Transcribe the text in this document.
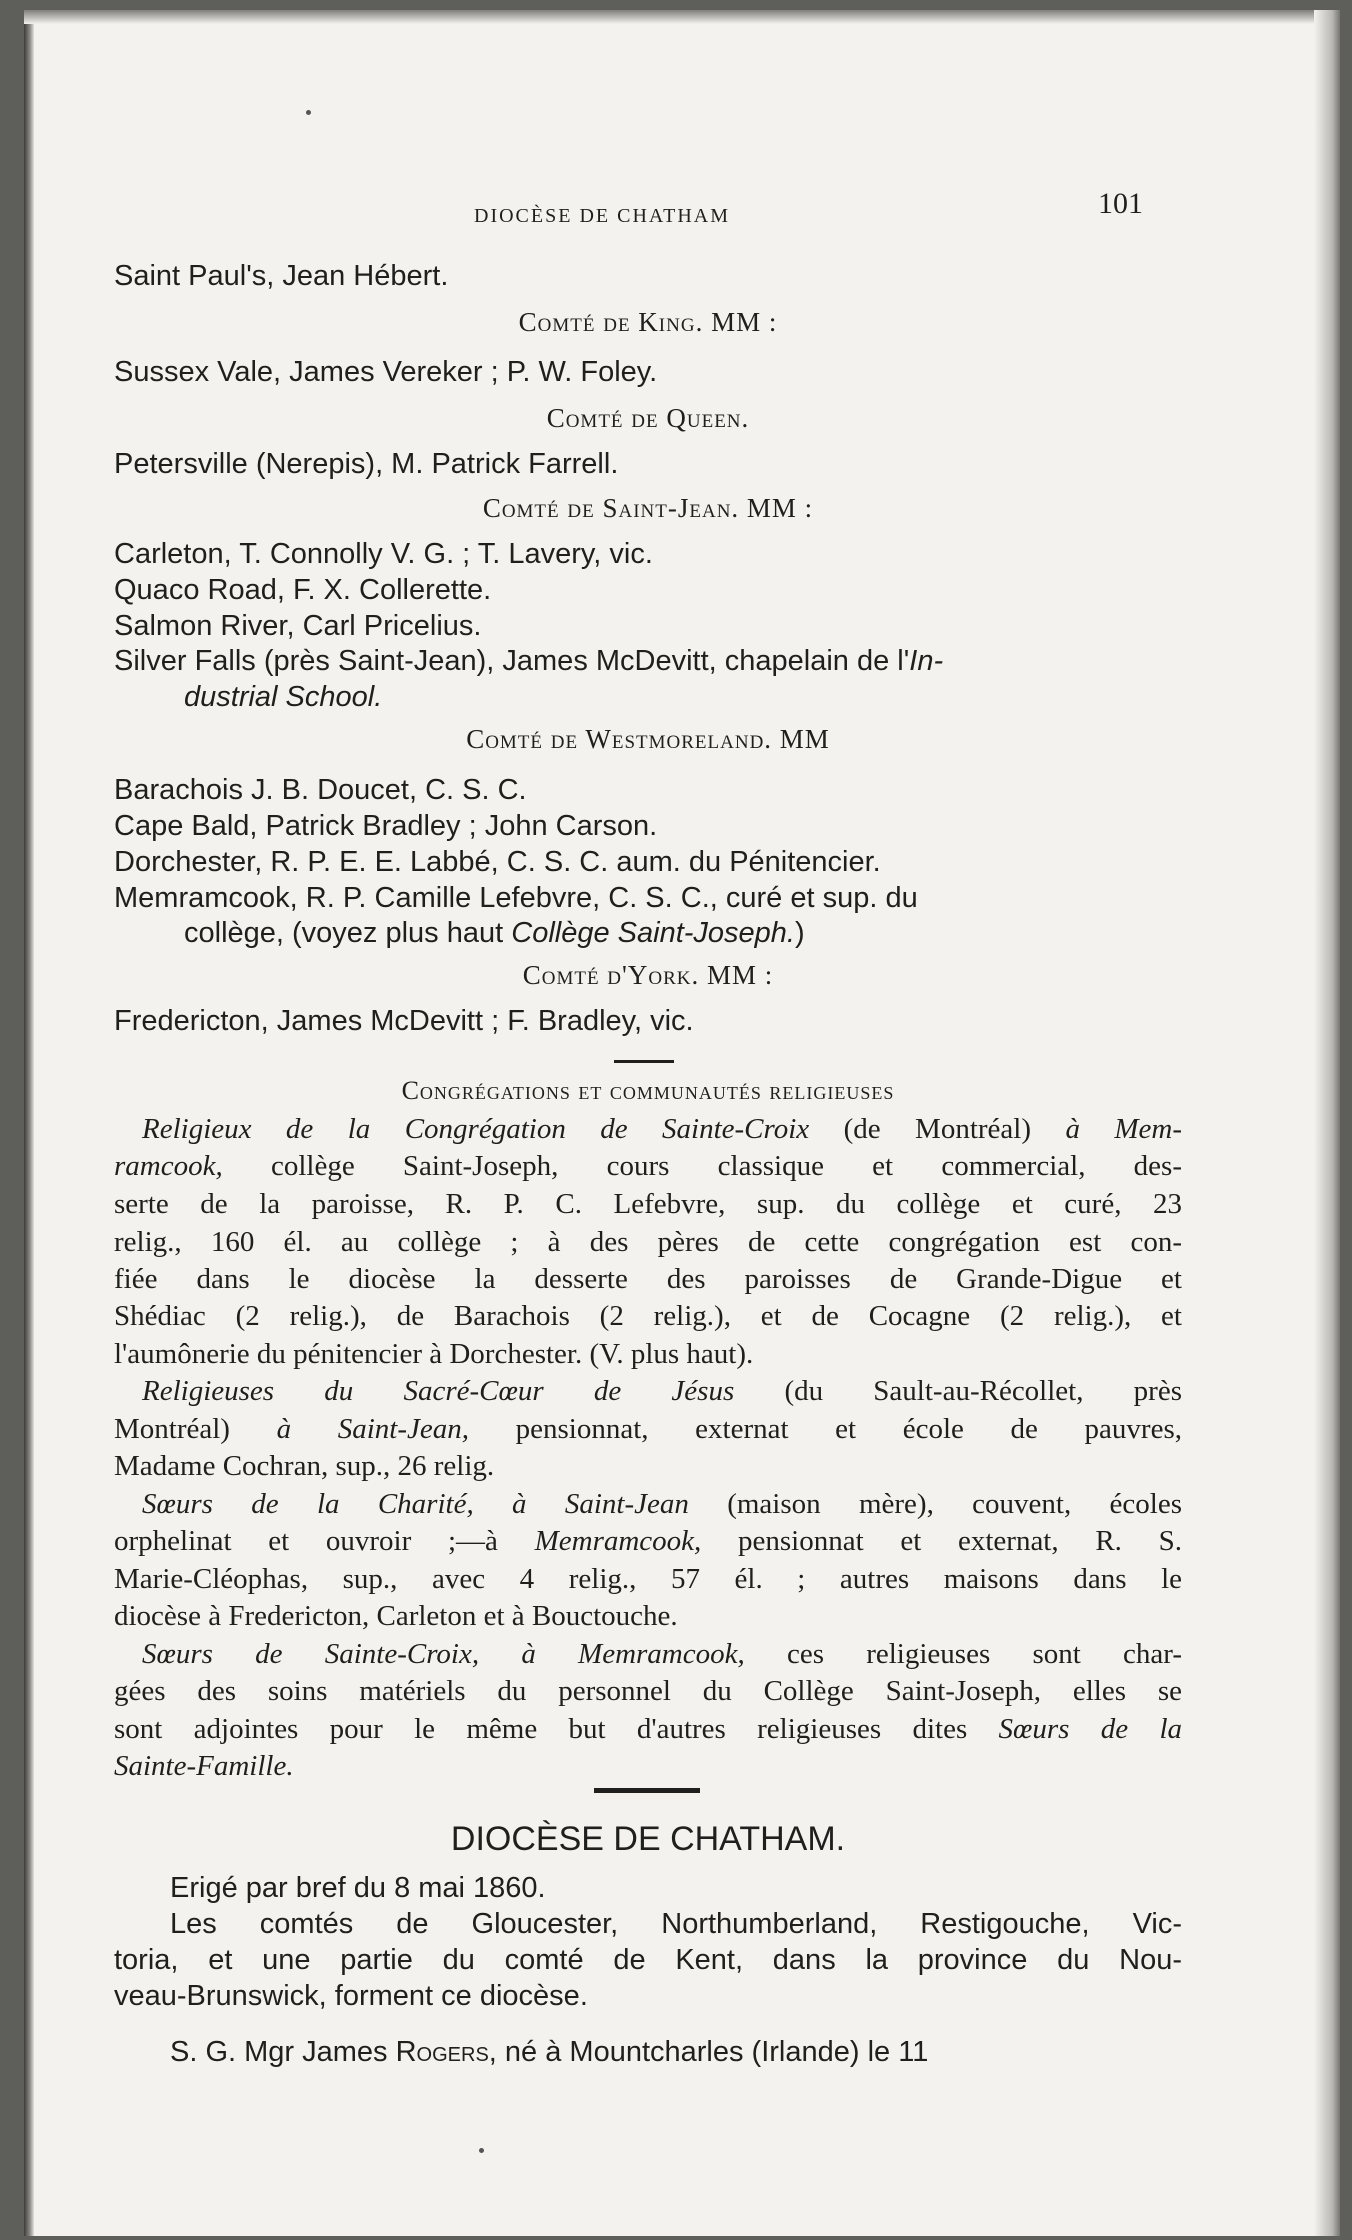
DIOCÈSE DE CHATHAM	101
Saint Paul's, Jean Hébert.
Comté de King. MM :
Sussex Vale, James Vereker ; P. W. Foley.
Comté de Queen.
Petersville (Nerepis), M. Patrick Farrell.
Comté de Saint-Jean. MM :
Carleton, T. Connolly V. G. ; T. Lavery, vic.
Quaco Road, F. X. Collerette.
Salmon River, Carl Pricelius.
Silver Falls (près Saint-Jean), James McDevitt, chapelain de l'In-
dustrial School.
Comté de Westmoreland. MM
Barachois J. B. Doucet, C. S. C.
Cape Bald, Patrick Bradley ; John Carson.
Dorchester, R. P. E. E. Labbé, C. S. C. aum. du Pénitencier.
Memramcook, R. P. Camille Lefebvre, C. S. C., curé et sup. du
collège, (voyez plus haut Collège Saint-Joseph.)
Comté d'York. MM :
Fredericton, James McDevitt ; F. Bradley, vic.
Congrégations et communautés religieuses
Religieux de la Congrégation de Sainte-Croix (de Montréal) à Mem-
ramcook, collège Saint-Joseph, cours classique et commercial, des-
serte de la paroisse, R. P. C. Lefebvre, sup. du collège et curé, 23
relig., 160 él. au collège ; à des pères de cette congrégation est con-
fiée dans le diocèse la desserte des paroisses de Grande-Digue et
Shédiac (2 relig.), de Barachois (2 relig.), et de Cocagne (2 relig.), et
l'aumônerie du pénitencier à Dorchester. (V. plus haut).
Religieuses du Sacré-Cœur de Jésus (du Sault-au-Récollet, près
Montréal) à Saint-Jean, pensionnat, externat et école de pauvres,
Madame Cochran, sup., 26 relig.
Sœurs de la Charité, à Saint-Jean (maison mère), couvent, écoles
orphelinat et ouvroir ;—à Memramcook, pensionnat et externat, R. S.
Marie-Cléophas, sup., avec 4 relig., 57 él. ; autres maisons dans le
diocèse à Fredericton, Carleton et à Bouctouche.
Sœurs de Sainte-Croix, à Memramcook, ces religieuses sont char-
gées des soins matériels du personnel du Collège Saint-Joseph, elles se
sont adjointes pour le même but d'autres religieuses dites Sœurs de la
Sainte-Famille.
DIOCÈSE DE CHATHAM.
Erigé par bref du 8 mai 1860.
Les comtés de Gloucester, Northumberland, Restigouche, Vic-
toria, et une partie du comté de Kent, dans la province du Nou-
veau-Brunswick, forment ce diocèse.
S. G. Mgr James Rogers, né à Mountcharles (Irlande) le 11
